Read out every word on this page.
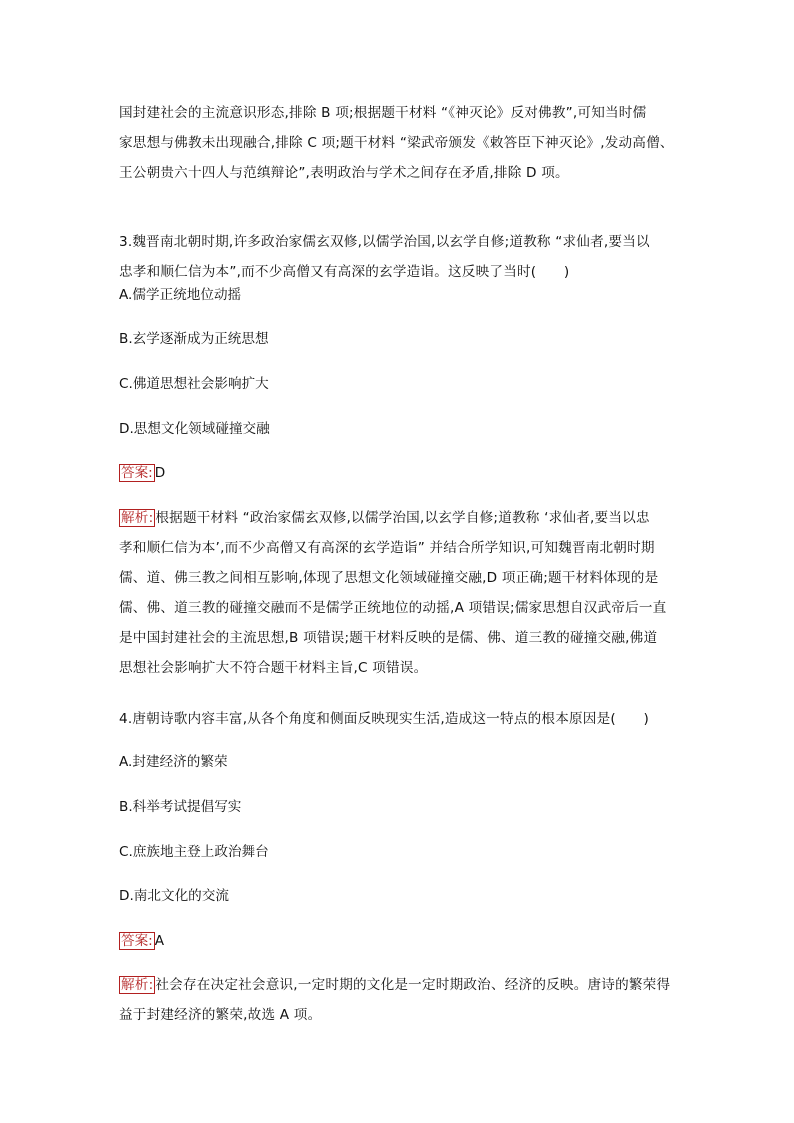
国封建社会的主流意识形态,排除 B 项;根据题干材料 “《神灭论》反对佛教”,可知当时儒
家思想与佛教未出现融合,排除 C 项;题干材料 “梁武帝颁发《敕答臣下神灭论》,发动高僧、
王公朝贵六十四人与范缜辩论”,表明政治与学术之间存在矛盾,排除 D 项。
3.魏晋南北朝时期,许多政治家儒玄双修,以儒学治国,以玄学自修;道教称 “求仙者,要当以
忠孝和顺仁信为本”,而不少高僧又有高深的玄学造诣。这反映了当时(　　)
A.儒学正统地位动摇
B.玄学逐渐成为正统思想
C.佛道思想社会影响扩大
D.思想文化领域碰撞交融
答案: D
解析: 根据题干材料 “政治家儒玄双修,以儒学治国,以玄学自修;道教称 ‘求仙者,要当以忠
孝和顺仁信为本’,而不少高僧又有高深的玄学造诣” 并结合所学知识,可知魏晋南北朝时期
儒、道、佛三教之间相互影响,体现了思想文化领域碰撞交融,D 项正确;题干材料体现的是
儒、佛、道三教的碰撞交融而不是儒学正统地位的动摇,A 项错误;儒家思想自汉武帝后一直
是中国封建社会的主流思想,B 项错误;题干材料反映的是儒、佛、道三教的碰撞交融,佛道
思想社会影响扩大不符合题干材料主旨,C 项错误。
4.唐朝诗歌内容丰富,从各个角度和侧面反映现实生活,造成这一特点的根本原因是(　　)
A.封建经济的繁荣
B.科举考试提倡写实
C.庶族地主登上政治舞台
D.南北文化的交流
答案: A
解析: 社会存在决定社会意识,一定时期的文化是一定时期政治、经济的反映。唐诗的繁荣得
益于封建经济的繁荣,故选 A 项。
